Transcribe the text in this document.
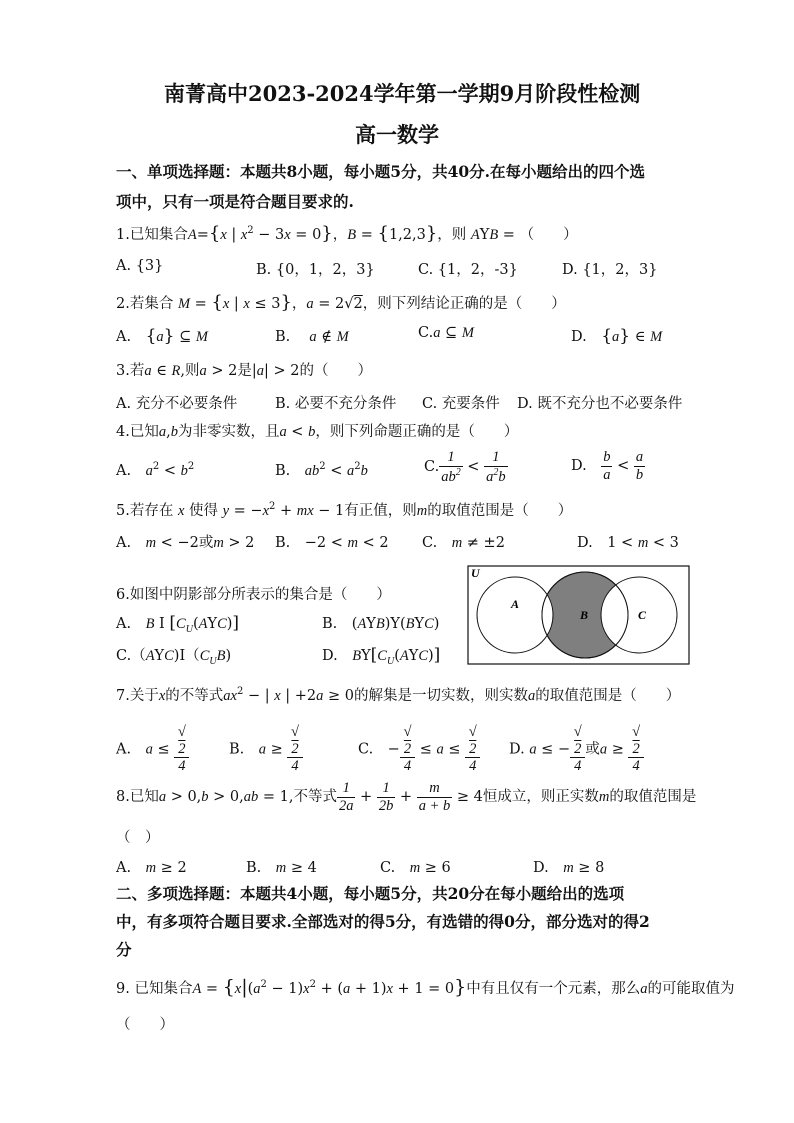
南菁高中2023-2024学年第一学期9月阶段性检测
高一数学
一、单项选择题：本题共8小题，每小题5分，共40分.在每小题给出的四个选
项中，只有一项是符合题目要求的.
1.已知集合A={x | $x^2 - 3x = 0$}，B = {1,2,3}，则 AYB = （　　）
A. {3}	B. {0，1，2，3}	C. {1，2，-3}	D. {1，2，3}
2.若集合 M = {x | x ≤ 3}，a = 2√2，则下列结论正确的是（　　）
A.　 {a} ⊆ M	B.　 a ∉ M	C.a ⊆ M	D.　 {a} ∈ M
3.若a ∈ R,则a > 2是|a| > 2的（　　）
A. 充分不必要条件	B. 必要不充分条件 C. 充要条件 D. 既不充分也不必要条件
4.已知a,b为非零实数，且a < b，则下列命题正确的是（　　）
A.　 $a^2 < b^2$	B.　 $ab^2 < a^2b$	C. $\frac{1}{ab^2} < \frac{1}{a^2b}$	D.　 $\frac{b}{a} < \frac{a}{b}$
5.若存在 x 使得 $y = -x^2$ + mx − 1有正值，则m的取值范围是（　　）
A.　 m < −2或m > 2 B.　−2 < m < 2 C.　 m ≠ ±2	D.　1 < m < 3
6.如图中阴影部分所表示的集合是（　　）
A.　 B I $[C_U(AYC)]$	B.　(AYB)Y(BYC)
$C.(AYC)I(C_UB)$	D.　 $BY[C_U(AYC)]$
U
A
B	C
7.关于x的不等式$ax^2$ − | x | +2a ≥ 0的解集是一切实数，则实数a的取值范围是（　　）
A.　 a ≤ √
2
4	B.　 a ≥ √
2
4	C.　− √
2
4 ≤ a ≤ √
2
4 D. a ≤ − √
2
4 或a ≥ √
2
4
8.已知a > 0,b > 0,ab = 1,不等式 $\frac{1}{2a} + \frac{1}{2b} + \frac{m}{a + b} \ge 4$恒成立，则正实数m的取值范围是
（　）
A.　 m ≥ 2	B.　 m ≥ 4	C.　 m ≥ 6	D.　 m ≥ 8
二、多项选择题：本题共4小题，每小题5分，共20分在每小题给出的选项
中，有多项符合题目要求.全部选对的得5分，有选错的得0分，部分选对的得2
分
9. 已知集合$A = \{x|(a^2 - 1)x^2 + (a + 1)x + 1 = 0\}$中有且仅有一个元素，那么a的可能取值为
（　　）
